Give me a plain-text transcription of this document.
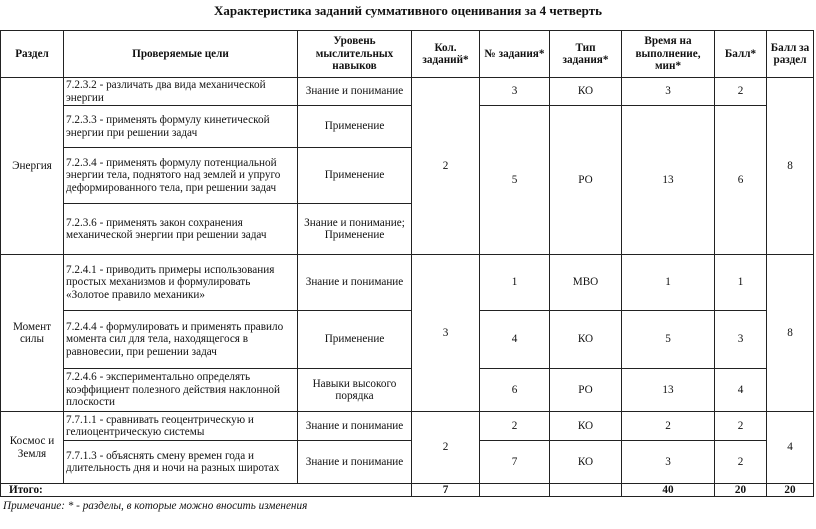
Характеристика заданий суммативного оценивания за 4 четверть
Раздел	Проверяемые цели	Уровень мыслительных навыков	Кол. заданий*	№ задания*	Тип задания*	Время на выполнение, мин*	Балл*	Балл за раздел
Энергия	7.2.3.2 - различать два вида механической энергии	Знание и понимание	2	3	КО	3	2	8
	7.2.3.3 - применять формулу кинетической энергии при решении задач	Применение		5	РО	13	6	
	7.2.3.4 - применять формулу потенциальной энергии тела, поднятого над землей и упруго деформированного тела, при решении задач	Применение						
	7.2.3.6 - применять закон сохранения механической энергии при решении задач	Знание и понимание; Применение						
Момент силы	7.2.4.1 - приводить примеры использования простых механизмов и формулировать «Золотое правило механики»	Знание и понимание	3	1	МВО	1	1	8
	7.2.4.4 - формулировать и применять правило момента сил для тела, находящегося в равновесии, при решении задач	Применение		4	КО	5	3	
	7.2.4.6 - экспериментально определять коэффициент полезного действия наклонной плоскости	Навыки высокого порядка		6	РО	13	4	
Космос и Земля	7.7.1.1 - сравнивать геоцентрическую и гелиоцентрическую системы	Знание и понимание	2	2	КО	2	2	4
	7.7.1.3 - объяснять смену времен года и длительность дня и ночи на разных широтах	Знание и понимание		7	КО	3	2	
Итого:			7			40	20	20
Примечание: * - разделы, в которые можно вносить изменения
